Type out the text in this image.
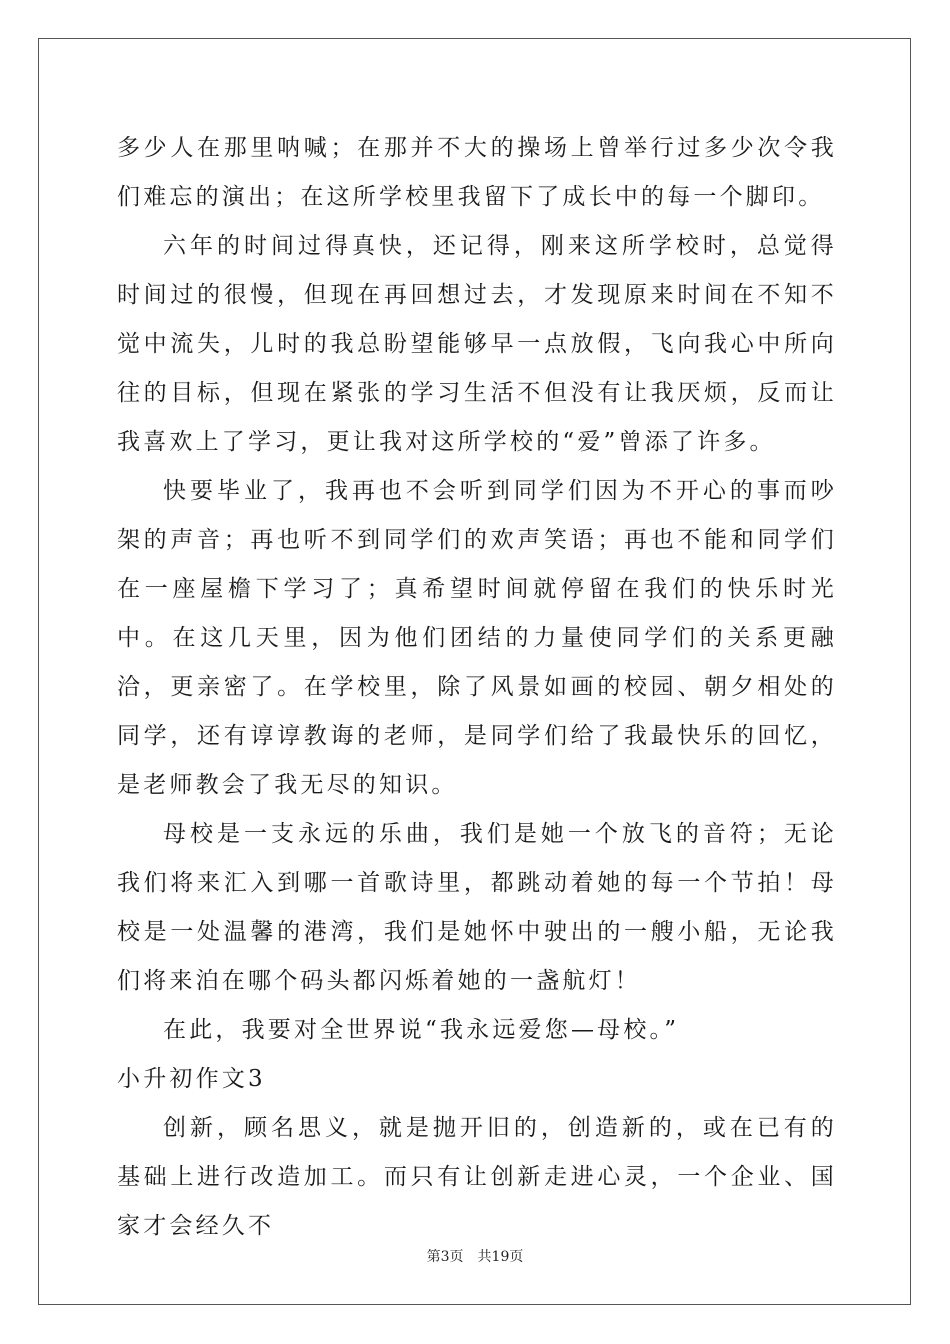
多少人在那里呐喊；在那并不大的操场上曾举行过多少次令我们难忘的演出；在这所学校里我留下了成长中的每一个脚印。

六年的时间过得真快，还记得，刚来这所学校时，总觉得时间过的很慢，但现在再回想过去，才发现原来时间在不知不觉中流失，儿时的我总盼望能够早一点放假，飞向我心中所向往的目标，但现在紧张的学习生活不但没有让我厌烦，反而让我喜欢上了学习，更让我对这所学校的“爱”曾添了许多。

快要毕业了，我再也不会听到同学们因为不开心的事而吵架的声音；再也听不到同学们的欢声笑语；再也不能和同学们在一座屋檐下学习了；真希望时间就停留在我们的快乐时光中。在这几天里，因为他们团结的力量使同学们的关系更融洽，更亲密了。在学校里，除了风景如画的校园、朝夕相处的同学，还有谆谆教诲的老师，是同学们给了我最快乐的回忆，是老师教会了我无尽的知识。

母校是一支永远的乐曲，我们是她一个放飞的音符；无论我们将来汇入到哪一首歌诗里，都跳动着她的每一个节拍！母校是一处温馨的港湾，我们是她怀中驶出的一艘小船，无论我们将来泊在哪个码头都闪烁着她的一盏航灯！

在此，我要对全世界说“我永远爱您—母校。”

小升初作文3

创新，顾名思义，就是抛开旧的，创造新的，或在已有的基础上进行改造加工。而只有让创新走进心灵，一个企业、国家才会经久不

第3页　共19页
